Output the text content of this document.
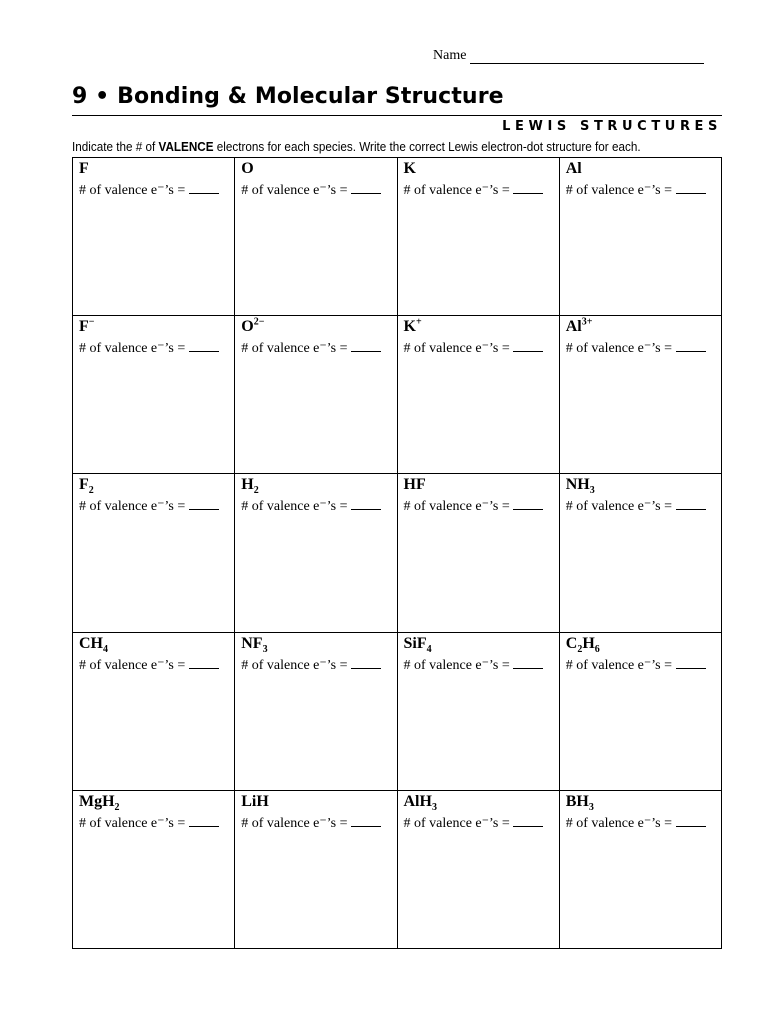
Name
9 • Bonding & Molecular Structure
LEWIS STRUCTURES
Indicate the # of VALENCE electrons for each species. Write the correct Lewis electron-dot structure for each.
F
# of valence e⁻’s =
O
# of valence e⁻’s =
K
# of valence e⁻’s =
Al
# of valence e⁻’s =
F−
# of valence e⁻’s =
$O^{2-}$
# of valence e⁻’s =
K+
# of valence e⁻’s =
$Al^{3+}$
# of valence e⁻’s =
$F_2$
# of valence e⁻’s =
$H_2$
# of valence e⁻’s =
HF
# of valence e⁻’s =
$NH_3$
# of valence e⁻’s =
$CH_4$
# of valence e⁻’s =
$NF_3$
# of valence e⁻’s =
SiF$_4$
# of valence e⁻’s =
$C_2H_6$
# of valence e⁻’s =
MgH$_2$
# of valence e⁻’s =
LiH
# of valence e⁻’s =
AlH$_3$
# of valence e⁻’s =
$BH_3$
# of valence e⁻’s =
